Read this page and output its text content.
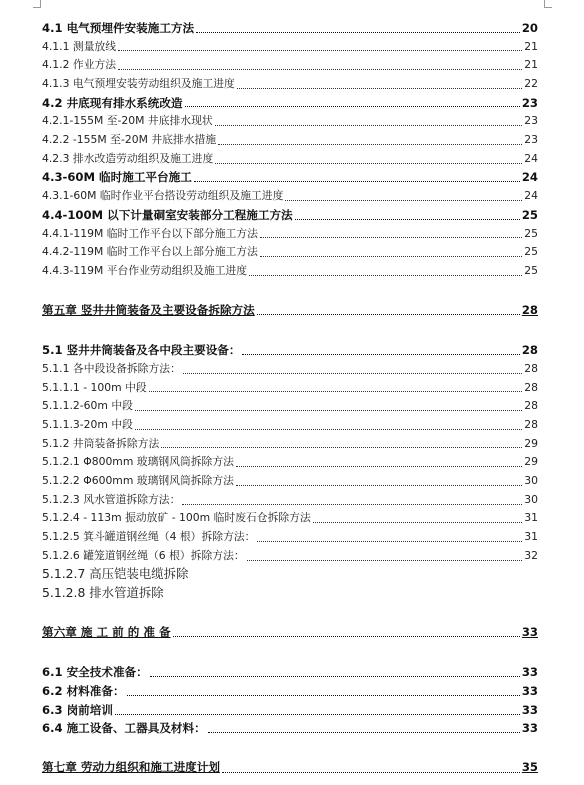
4.1 电气预埋件安装施工方法	20
4.1.1 测量放线	21
4.1.2 作业方法	21
4.1.3 电气预埋安装劳动组织及施工进度	22
4.2 井底现有排水系统改造	23
4.2.1-155M 至-20M 井底排水现状	23
4.2.2 -155M 至-20M 井底排水措施	23
4.2.3 排水改造劳动组织及施工进度	24
4.3-60M 临时施工平台施工	24
4.3.1-60M 临时作业平台搭设劳动组织及施工进度	24
4.4-100M 以下计量硐室安装部分工程施工方法	25
4.4.1-119M 临时工作平台以下部分施工方法	25
4.4.2-119M 临时工作平台以上部分施工方法	25
4.4.3-119M 平台作业劳动组织及施工进度	25
第五章 竖井井筒装备及主要设备拆除方法	28
5.1 竖井井筒装备及各中段主要设备：	28
5.1.1 各中段设备拆除方法：	28
5.1.1.1 - 100m 中段	28
5.1.1.2-60m 中段	28
5.1.1.3-20m 中段	28
5.1.2 井筒装备拆除方法	29
5.1.2.1 Φ800mm 玻璃钢风筒拆除方法	29
5.1.2.2 Φ600mm 玻璃钢风筒拆除方法	30
5.1.2.3 风水管道拆除方法：	30
5.1.2.4 - 113m 振动放矿 - 100m 临时废石仓拆除方法	31
5.1.2.5 箕斗罐道钢丝绳（4 根）拆除方法：	31
5.1.2.6 罐笼道钢丝绳（6 根）拆除方法：	32
5.1.2.7 高压铠装电缆拆除
5.1.2.8 排水管道拆除
第六章 施 工 前 的 准 备	33
6.1 安全技术准备：	33
6.2 材料准备：	33
6.3 岗前培训	33
6.4 施工设备、工器具及材料：	33
第七章 劳动力组织和施工进度计划	35
